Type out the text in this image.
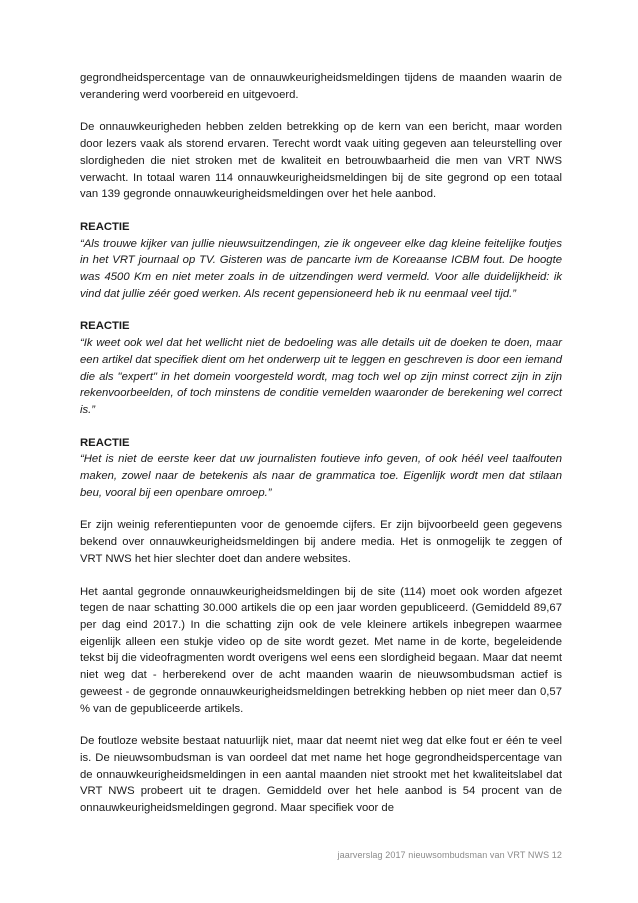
gegrondheidspercentage van de onnauwkeurigheidsmeldingen tijdens de maanden waarin de verandering werd voorbereid en uitgevoerd.

De onnauwkeurigheden hebben zelden betrekking op de kern van een bericht, maar worden door lezers vaak als storend ervaren. Terecht wordt vaak uiting gegeven aan teleurstelling over slordigheden die niet stroken met de kwaliteit en betrouwbaarheid die men van VRT NWS verwacht. In totaal waren 114 onnauwkeurigheidsmeldingen bij de site gegrond op een totaal van 139 gegronde onnauwkeurigheidsmeldingen over het hele aanbod.

REACTIE

“Als trouwe kijker van jullie nieuwsuitzendingen, zie ik ongeveer elke dag kleine feitelijke foutjes in het VRT journaal op TV. Gisteren was de pancarte ivm de Koreaanse ICBM fout. De hoogte was 4500 Km en niet meter zoals in de uitzendingen werd vermeld. Voor alle duidelijkheid: ik vind dat jullie zéér goed werken. Als recent gepensioneerd heb ik nu eenmaal veel tijd.”

REACTIE

“Ik weet ook wel dat het wellicht niet de bedoeling was alle details uit de doeken te doen, maar een artikel dat specifiek dient om het onderwerp uit te leggen en geschreven is door een iemand die als "expert" in het domein voorgesteld wordt, mag toch wel op zijn minst correct zijn in zijn rekenvoorbeelden, of toch minstens de conditie vemelden waaronder de berekening wel correct is.”

REACTIE

“Het is niet de eerste keer dat uw journalisten foutieve info geven, of ook héél veel taalfouten maken, zowel naar de betekenis als naar de grammatica toe. Eigenlijk wordt men dat stilaan beu, vooral bij een openbare omroep.”

Er zijn weinig referentiepunten voor de genoemde cijfers. Er zijn bijvoorbeeld geen gegevens bekend over onnauwkeurigheidsmeldingen bij andere media. Het is onmogelijk te zeggen of VRT NWS het hier slechter doet dan andere websites.

Het aantal gegronde onnauwkeurigheidsmeldingen bij de site (114) moet ook worden afgezet tegen de naar schatting 30.000 artikels die op een jaar worden gepubliceerd. (Gemiddeld 89,67 per dag eind 2017.) In die schatting zijn ook de vele kleinere artikels inbegrepen waarmee eigenlijk alleen een stukje video op de site wordt gezet. Met name in de korte, begeleidende tekst bij die videofragmenten wordt overigens wel eens een slordigheid begaan. Maar dat neemt niet weg dat - herberekend over de acht maanden waarin de nieuwsombudsman actief is geweest - de gegronde onnauwkeurigheidsmeldingen betrekking hebben op niet meer dan 0,57 % van de gepubliceerde artikels.

De foutloze website bestaat natuurlijk niet, maar dat neemt niet weg dat elke fout er één te veel is. De nieuwsombudsman is van oordeel dat met name het hoge gegrondheidspercentage van de onnauwkeurigheidsmeldingen in een aantal maanden niet strookt met het kwaliteitslabel dat VRT NWS probeert uit te dragen. Gemiddeld over het hele aanbod is 54 procent van de onnauwkeurigheidsmeldingen gegrond. Maar specifiek voor de

jaarverslag 2017 nieuwsombudsman van VRT NWS 12
